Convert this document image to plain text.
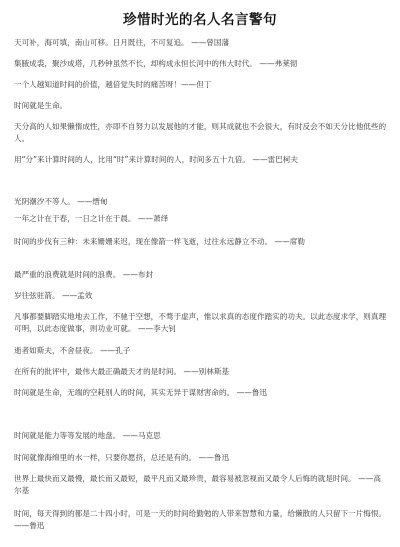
珍惜时光的名人名言警句
天可补，海可填，南山可移。日月既往，不可复追。 ——曾国藩
集腋成裘，聚沙成塔，几秒钟虽然不长，却构成永恒长河中的伟大时代。 ——弗莱彻
一个人越知道时间的价值，越倍觉失时的痛苦呀！——但丁
时间就是生命。
天分高的人如果懒惰成性，亦即不自努力以发展他的才能，则其成就也不会很大，有时反会不如天分比他低些的人。
用“分”来计算时间的人，比用“时”来计算时间的人，时间多五十九倍。 ——雷巴柯夫
光阴潮汐不等人。 ——缙甸
一年之计在于春，一日之计在于晨。 ——萧绎
时间的步伐有三种：未来姗姗来迟，现在像箭一样飞逝，过往永远静立不动。 ——席勒
最严重的浪费就是时间的浪费。 ——布封
岁往弦驻箭。 ——孟效
凡事都要脚踏实地地去工作，不驰于空想，不骛于虚声，惟以求真的态度作踏实的功夫。以此态度求学，则真理可明，以此态度做事，则功业可就。 ——李大钊
逝者如斯夫，不舍昼夜。 ——孔子
在所有的批评中，最伟大最正确最天才的是时间。 ——别林斯基
时间就是生命，无端的空耗别人的时间，其实无异于谋财害命的。 ——鲁迅
时间就是能力等等发展的地盘。 ——马克思
时间就像海绵里的水一样，只要你愿挤，总还是有的。 ——鲁迅
世界上最快而又最慢，最长而又最短，最平凡而又最珍贵，最容易被忽视而又最令人后悔的就是时间。 ——高尔基
时间，每天得到的都是二十四小时，可是一天的时间给勤勉的人带来智慧和力量，给懒散的人只留下一片悔恨。 ——鲁迅
